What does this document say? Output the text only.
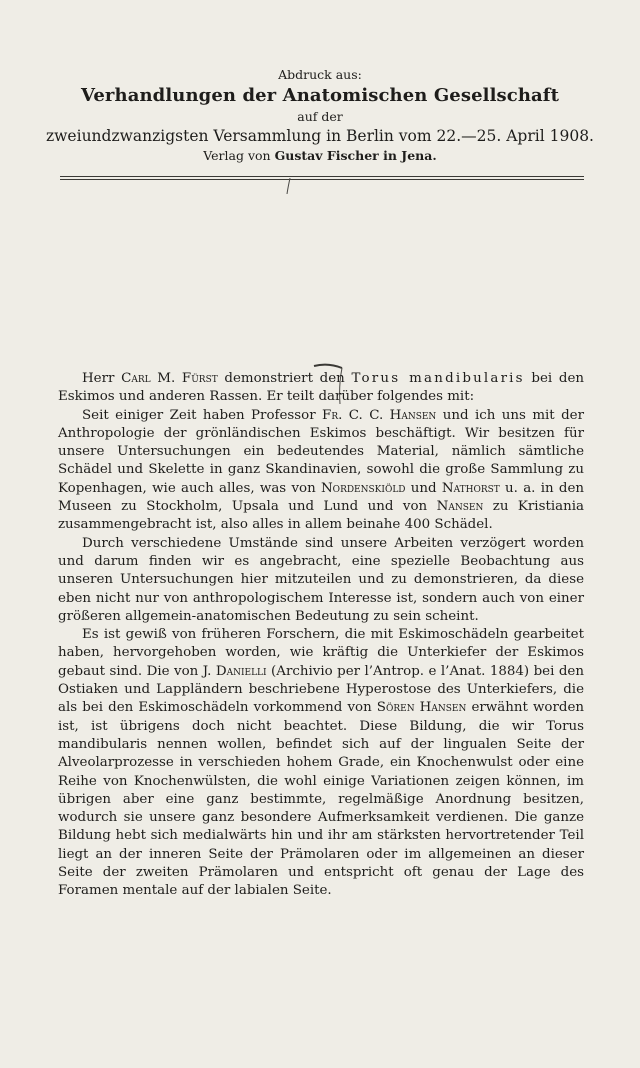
Abdruck aus:
Verhandlungen der Anatomischen Gesellschaft
auf der
zweiundzwanzigsten Versammlung in Berlin vom 22.—25. April 1908.
Verlag von Gustav Fischer in Jena.

Herr Carl M. Fürst demonstriert den Torus mandibularis bei den Eskimos und anderen Rassen. Er teilt darüber folgendes mit:

Seit einiger Zeit haben Professor Fr. C. C. Hansen und ich uns mit der Anthropologie der grönländischen Eskimos beschäftigt. Wir besitzen für unsere Untersuchungen ein bedeutendes Material, nämlich sämtliche Schädel und Skelette in ganz Skandinavien, sowohl die große Sammlung zu Kopenhagen, wie auch alles, was von Nordenskiöld und Nathorst u. a. in den Museen zu Stockholm, Upsala und Lund und von Nansen zu Kristiania zusammengebracht ist, also alles in allem beinahe 400 Schädel.

Durch verschiedene Umstände sind unsere Arbeiten verzögert worden und darum finden wir es angebracht, eine spezielle Beobachtung aus unseren Untersuchungen hier mitzuteilen und zu demonstrieren, da diese eben nicht nur von anthropologischem Interesse ist, sondern auch von einer größeren allgemein-anatomischen Bedeutung zu sein scheint.

Es ist gewiß von früheren Forschern, die mit Eskimoschädeln gearbeitet haben, hervorgehoben worden, wie kräftig die Unterkiefer der Eskimos gebaut sind. Die von J. Danielli (Archivio per l’Antrop. e l’Anat. 1884) bei den Ostiaken und Lappländern beschriebene Hyperostose des Unterkiefers, die als bei den Eskimoschädeln vorkommend von Sören Hansen erwähnt worden ist, ist übrigens doch nicht beachtet. Diese Bildung, die wir Torus mandibularis nennen wollen, befindet sich auf der lingualen Seite der Alveolarprozesse in verschieden hohem Grade, ein Knochenwulst oder eine Reihe von Knochenwülsten, die wohl einige Variationen zeigen können, im übrigen aber eine ganz bestimmte, regelmäßige Anordnung besitzen, wodurch sie unsere ganz besondere Aufmerksamkeit verdienen. Die ganze Bildung hebt sich medialwärts hin und ihr am stärksten hervortretender Teil liegt an der inneren Seite der Prämolaren oder im allgemeinen an dieser Seite der zweiten Prämolaren und entspricht oft genau der Lage des Foramen mentale auf der labialen Seite.
